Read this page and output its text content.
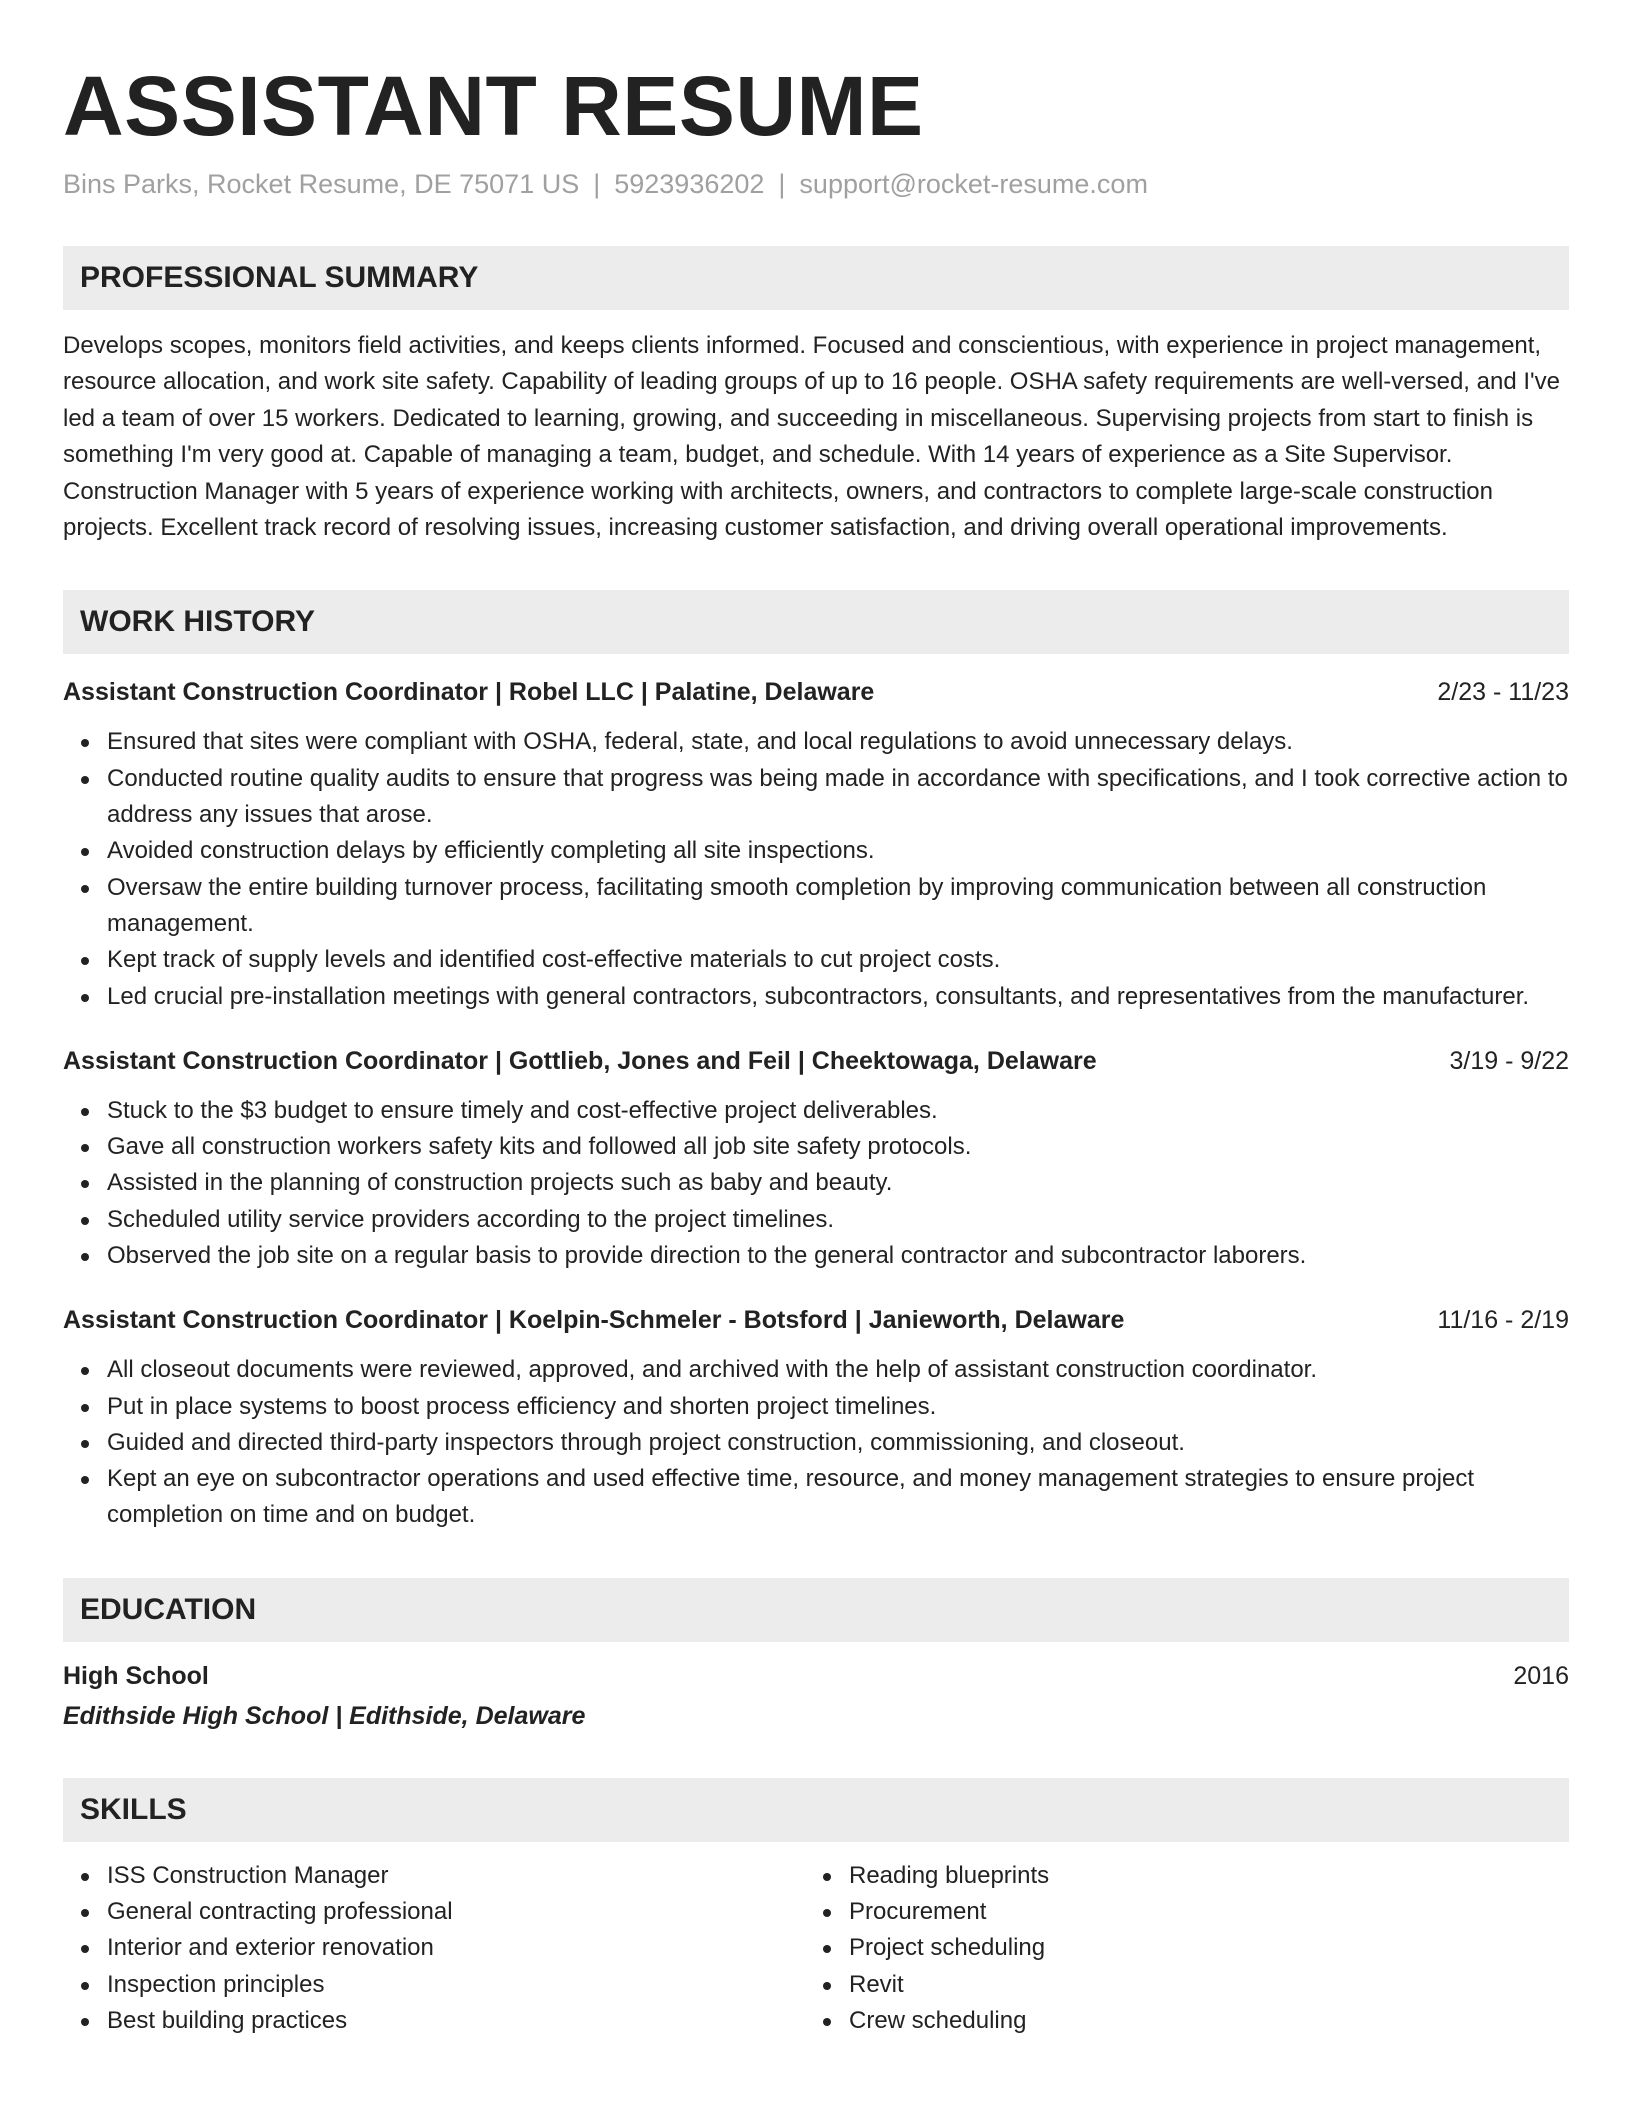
ASSISTANT RESUME
Bins Parks, Rocket Resume, DE 75071 US | 5923936202 | support@rocket-resume.com
PROFESSIONAL SUMMARY

Develops scopes, monitors field activities, and keeps clients informed. Focused and conscientious, with experience in project management, resource allocation, and work site safety. Capability of leading groups of up to 16 people. OSHA safety requirements are well-versed, and I've led a team of over 15 workers. Dedicated to learning, growing, and succeeding in miscellaneous. Supervising projects from start to finish is something I'm very good at. Capable of managing a team, budget, and schedule. With 14 years of experience as a Site Supervisor. Construction Manager with 5 years of experience working with architects, owners, and contractors to complete large-scale construction projects. Excellent track record of resolving issues, increasing customer satisfaction, and driving overall operational improvements.

WORK HISTORY
Assistant Construction Coordinator | Robel LLC | Palatine, Delaware	2/23 - 11/23
Ensured that sites were compliant with OSHA, federal, state, and local regulations to avoid unnecessary delays.
Conducted routine quality audits to ensure that progress was being made in accordance with specifications, and I took corrective action to address any issues that arose.
Avoided construction delays by efficiently completing all site inspections.
Oversaw the entire building turnover process, facilitating smooth completion by improving communication between all construction management.
Kept track of supply levels and identified cost-effective materials to cut project costs.
Led crucial pre-installation meetings with general contractors, subcontractors, consultants, and representatives from the manufacturer.
Assistant Construction Coordinator | Gottlieb, Jones and Feil | Cheektowaga, Delaware	3/19 - 9/22
Stuck to the $3 budget to ensure timely and cost-effective project deliverables.
Gave all construction workers safety kits and followed all job site safety protocols.
Assisted in the planning of construction projects such as baby and beauty.
Scheduled utility service providers according to the project timelines.
Observed the job site on a regular basis to provide direction to the general contractor and subcontractor laborers.
Assistant Construction Coordinator | Koelpin-Schmeler - Botsford | Janieworth, Delaware	11/16 - 2/19
All closeout documents were reviewed, approved, and archived with the help of assistant construction coordinator.
Put in place systems to boost process efficiency and shorten project timelines.
Guided and directed third-party inspectors through project construction, commissioning, and closeout.
Kept an eye on subcontractor operations and used effective time, resource, and money management strategies to ensure project completion on time and on budget.
EDUCATION
High School	2016
Edithside High School | Edithside, Delaware
SKILLS
ISS Construction Manager
General contracting professional
Interior and exterior renovation
Inspection principles
Best building practices
Reading blueprints
Procurement
Project scheduling
Revit
Crew scheduling
